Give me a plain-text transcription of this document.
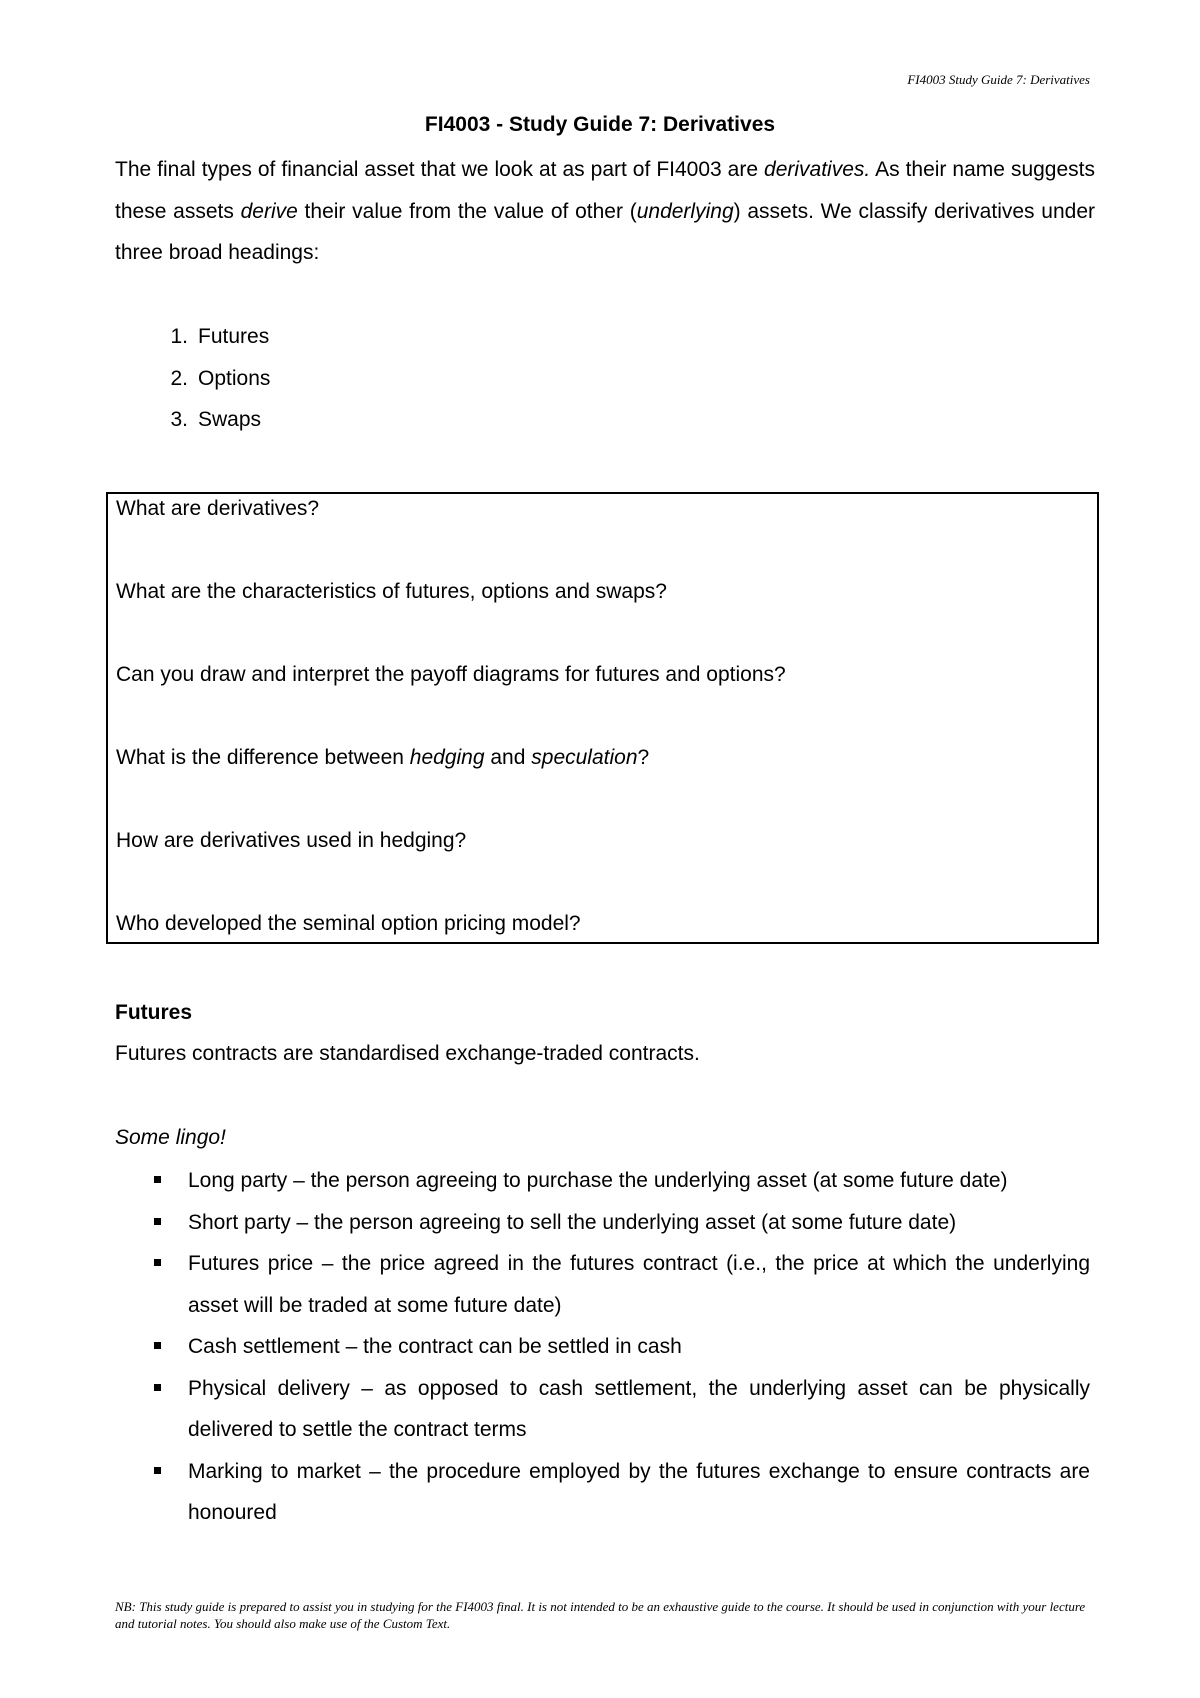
FI4003 Study Guide 7: Derivatives
FI4003 - Study Guide 7: Derivatives
The final types of financial asset that we look at as part of FI4003 are derivatives. As their name suggests these assets derive their value from the value of other (underlying) assets. We classify derivatives under three broad headings:
1. Futures
2. Options
3. Swaps
What are derivatives?
What are the characteristics of futures, options and swaps?
Can you draw and interpret the payoff diagrams for futures and options?
What is the difference between hedging and speculation?
How are derivatives used in hedging?
Who developed the seminal option pricing model?
Futures
Futures contracts are standardised exchange-traded contracts.
Some lingo!
Long party – the person agreeing to purchase the underlying asset (at some future date)
Short party – the person agreeing to sell the underlying asset (at some future date)
Futures price – the price agreed in the futures contract (i.e., the price at which the underlying asset will be traded at some future date)
Cash settlement – the contract can be settled in cash
Physical delivery – as opposed to cash settlement, the underlying asset can be physically delivered to settle the contract terms
Marking to market – the procedure employed by the futures exchange to ensure contracts are honoured
NB: This study guide is prepared to assist you in studying for the FI4003 final. It is not intended to be an exhaustive guide to the course. It should be used in conjunction with your lecture and tutorial notes. You should also make use of the Custom Text.
